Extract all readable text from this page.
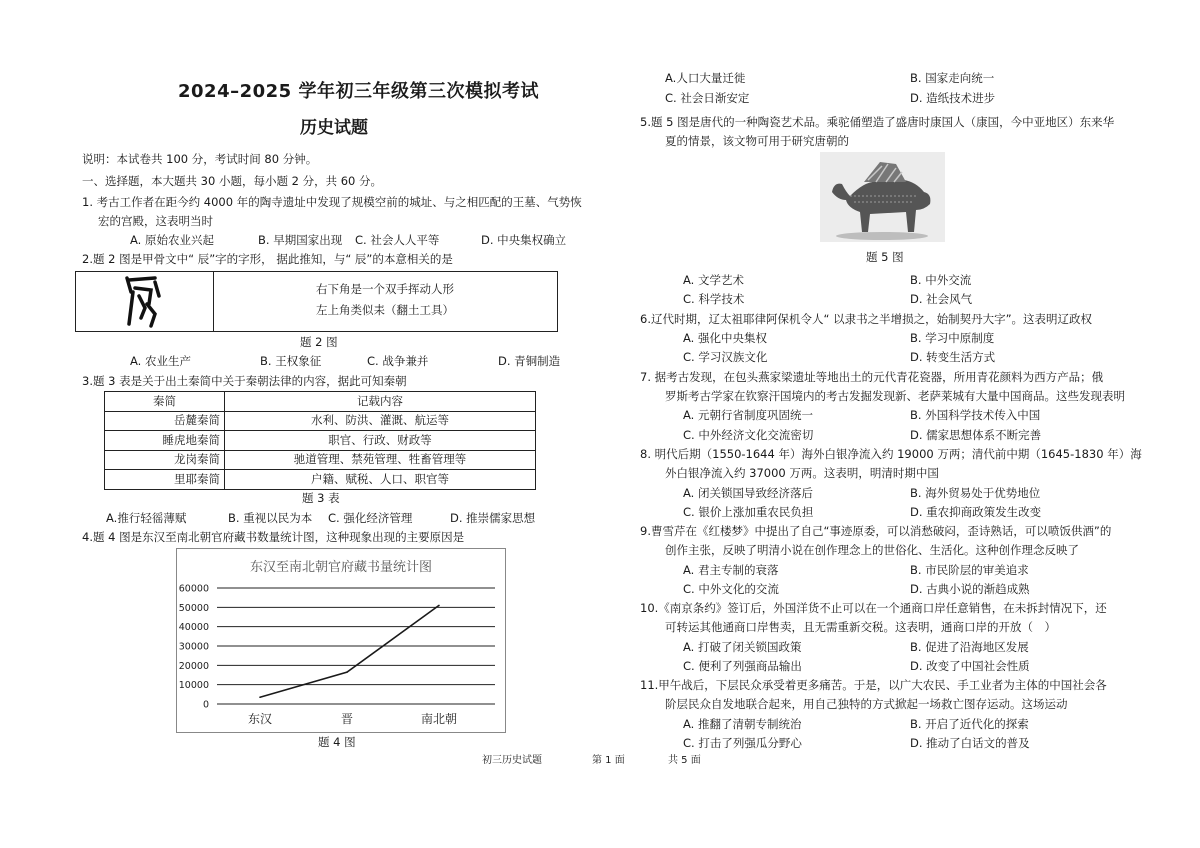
2024–2025 学年初三年级第三次模拟考试
历史试题
说明：本试卷共 100 分，考试时间 80 分钟。
一、选择题，本大题共 30 小题，每小题 2 分，共 60 分。
1. 考古工作者在距今约 4000 年的陶寺遗址中发现了规模空前的城址、与之相匹配的王墓、气势恢
宏的宫殿，这表明当时
A. 原始农业兴起	B. 早期国家出现 C. 社会人人平等	D. 中央集权确立
2.题 2 图是甲骨文中“ 辰”字的字形， 据此推知，与“ 辰”的本意相关的是
右下角是一个双手挥动人形
左上角类似耒（翻土工具）
题 2 图
A. 农业生产	B. 王权象征	C. 战争兼并	D. 青铜制造
3.题 3 表是关于出土秦简中关于秦朝法律的内容，据此可知秦朝
秦简	记载内容
岳麓秦简	水利、防洪、灌溉、航运等
睡虎地秦简	职官、行政、财政等
龙岗秦简	驰道管理、禁苑管理、牲畜管理等
里耶秦简	户籍、赋税、人口、职官等
题 3 表
A.推行轻徭薄赋	B. 重视以民为本 C. 强化经济管理	D. 推崇儒家思想
4.题 4 图是东汉至南北朝官府藏书数量统计图，这种现象出现的主要原因是
东汉至南北朝官府藏书量统计图
0
10000
20000
30000
40000
50000
60000
东汉	晋	南北朝
题 4 图
A.人口大量迁徙	B. 国家走向统一
C. 社会日渐安定	D. 造纸技术进步
5.题 5 图是唐代的一种陶瓷艺术品。乘驼俑塑造了盛唐时康国人（康国，今中亚地区）东来华
夏的情景，该文物可用于研究唐朝的
题 5 图
A. 文学艺术	B. 中外交流
C. 科学技术	D. 社会风气
6.辽代时期，辽太祖耶律阿保机令人“ 以隶书之半增损之，始制契丹大字”。这表明辽政权
A. 强化中央集权	B. 学习中原制度
C. 学习汉族文化	D. 转变生活方式
7. 据考古发现，在包头燕家梁遗址等地出土的元代青花瓷器，所用青花颜料为西方产品；俄
罗斯考古学家在钦察汗国境内的考古发掘发现新、老萨莱城有大量中国商品。这些发现表明
A. 元朝行省制度巩固统一	B. 外国科学技术传入中国
C. 中外经济文化交流密切	D. 儒家思想体系不断完善
8. 明代后期（1550-1644 年）海外白银净流入约 19000 万两；清代前中期（1645-1830 年）海
外白银净流入约 37000 万两。这表明，明清时期中国
A. 闭关锁国导致经济落后	B. 海外贸易处于优势地位
C. 银价上涨加重农民负担	D. 重农抑商政策发生改变
9.曹雪芹在《红楼梦》中提出了自己“事迹原委，可以消愁破闷，歪诗熟话，可以喷饭供酒”的
创作主张，反映了明清小说在创作理念上的世俗化、生活化。这种创作理念反映了
A. 君主专制的衰落	B. 市民阶层的审美追求
C. 中外文化的交流	D. 古典小说的渐趋成熟
10.《南京条约》签订后，外国洋货不止可以在一个通商口岸任意销售，在未拆封情况下，还
可转运其他通商口岸售卖，且无需重新交税。这表明，通商口岸的开放（　）
A. 打破了闭关锁国政策	B. 促进了沿海地区发展
C. 便利了列强商品输出	D. 改变了中国社会性质
11.甲午战后，下层民众承受着更多痛苦。于是，以广大农民、手工业者为主体的中国社会各
阶层民众自发地联合起来，用自己独特的方式掀起一场救亡图存运动。这场运动
A. 推翻了清朝专制统治	B. 开启了近代化的探索
C. 打击了列强瓜分野心	D. 推动了白话文的普及
初三历史试题	第 1 面	共 5 面
